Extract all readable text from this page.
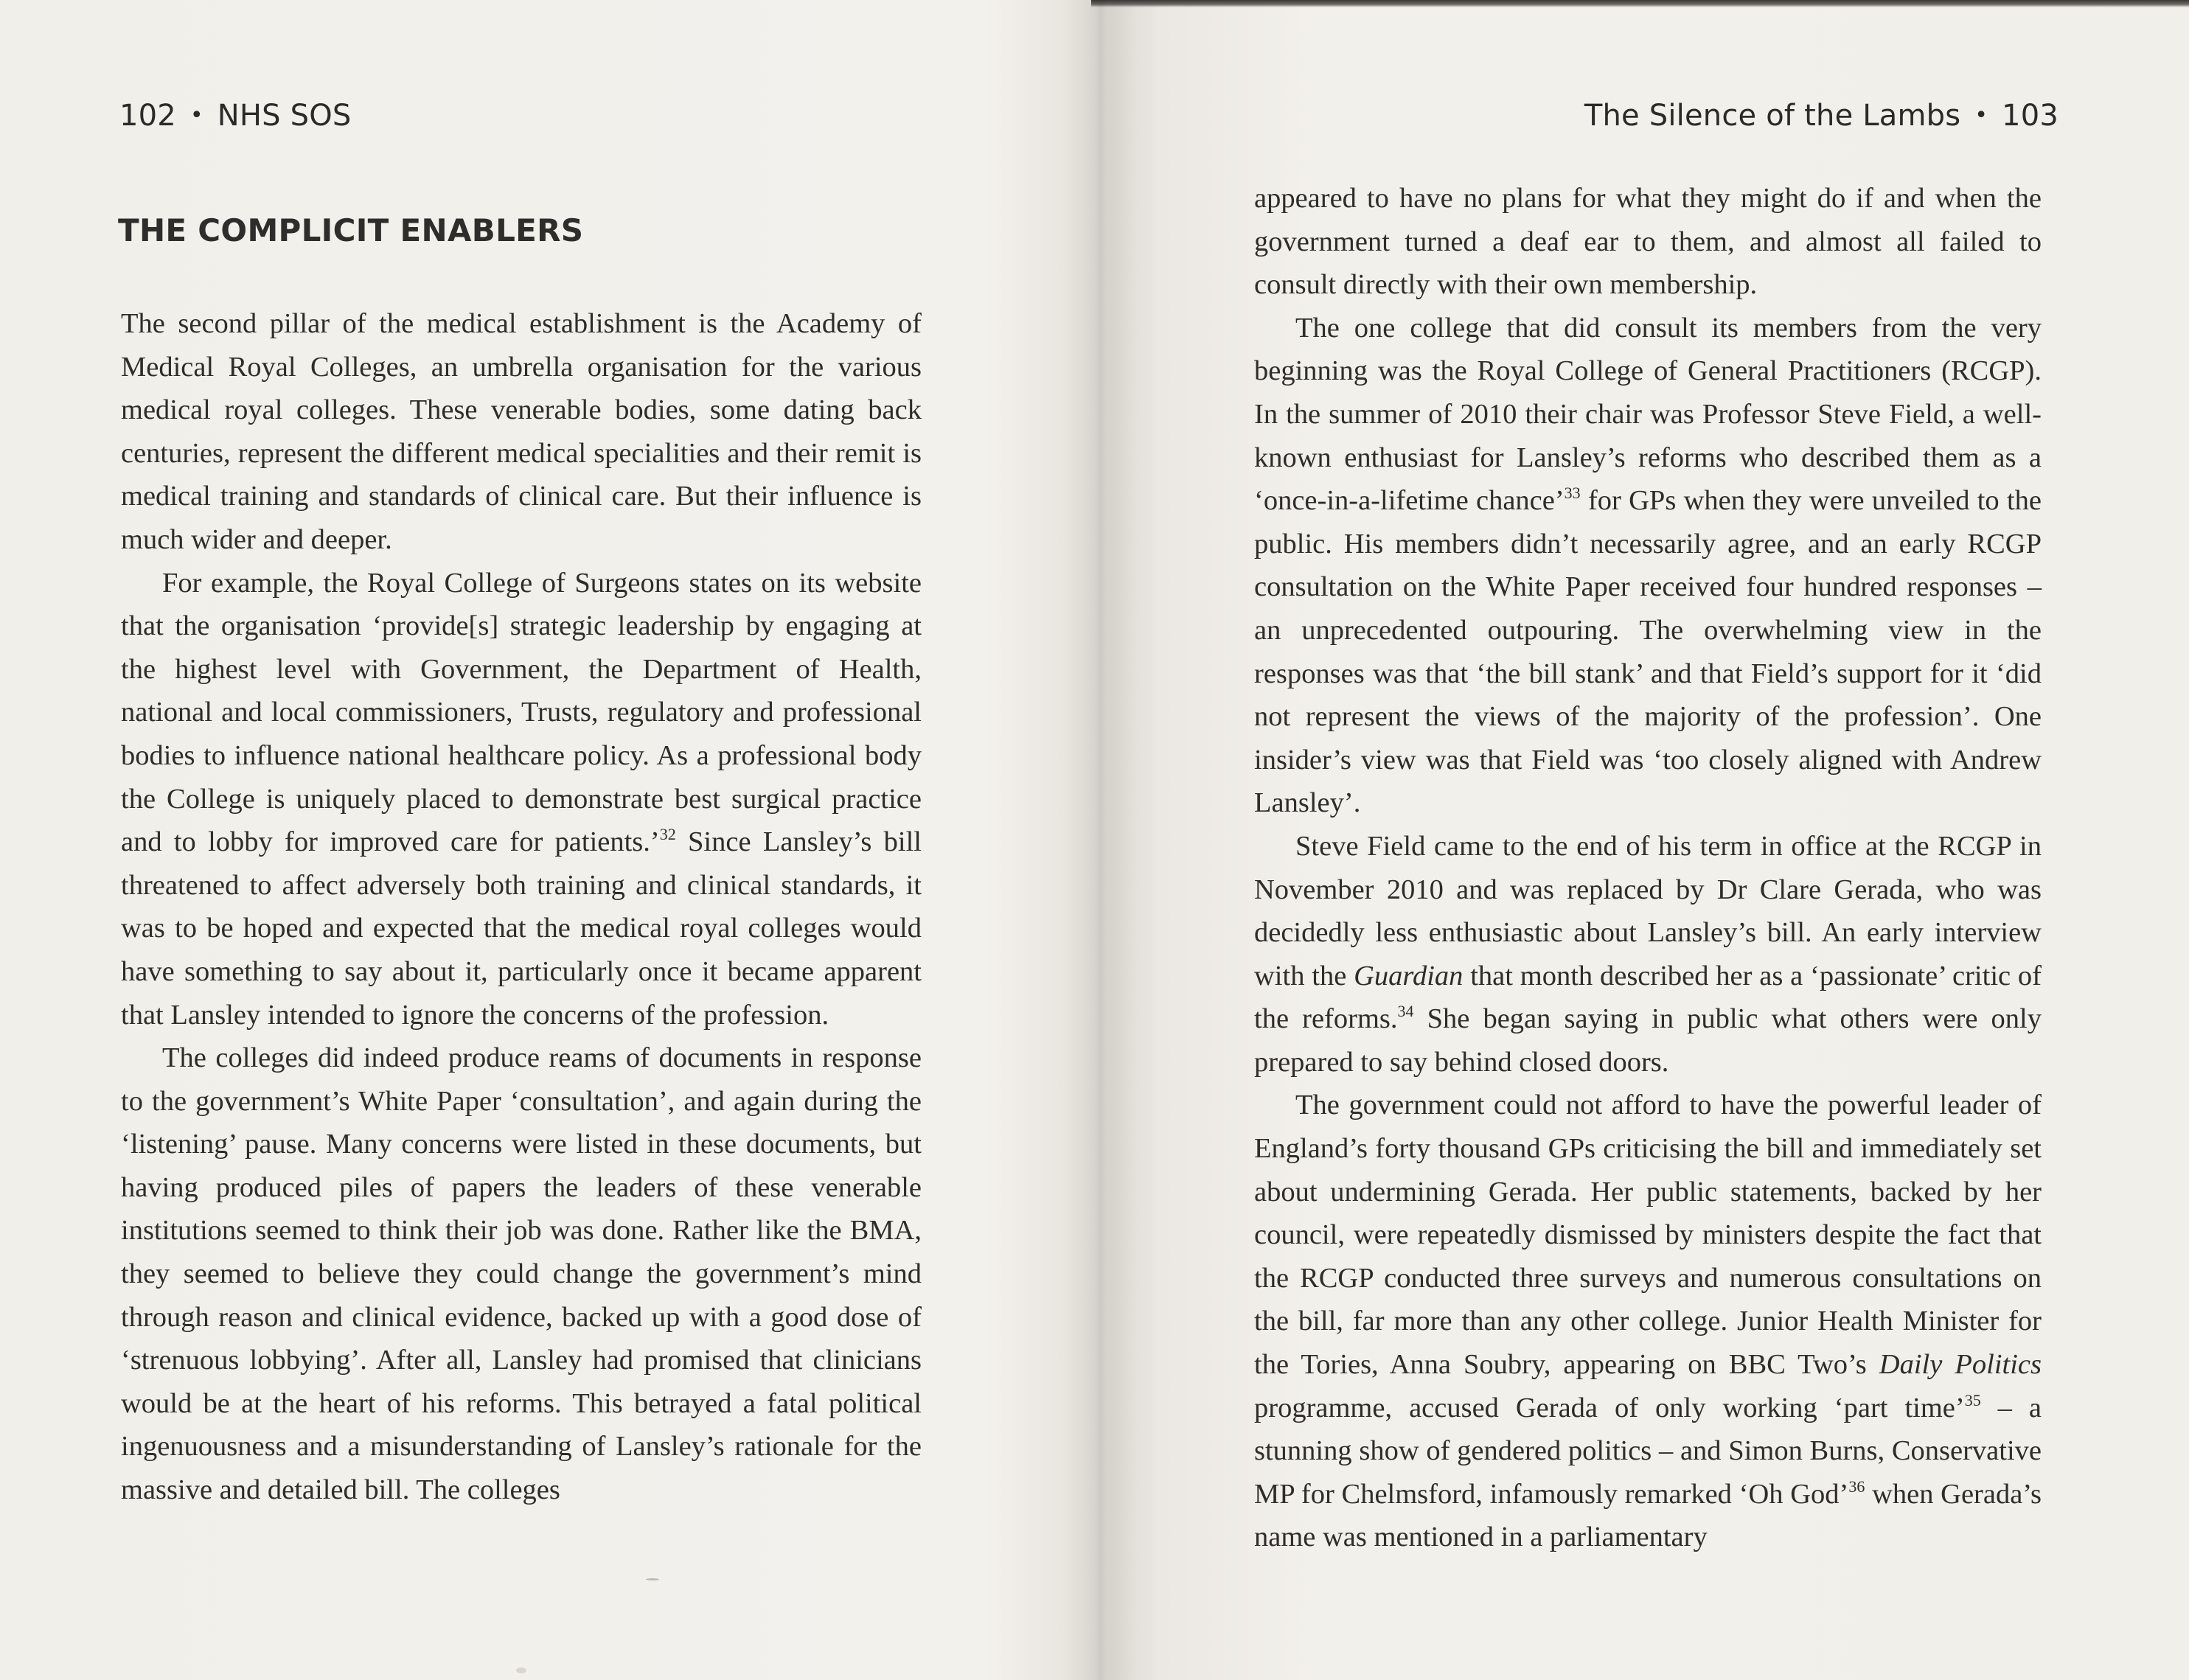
102 • NHS SOS
THE COMPLICIT ENABLERS

The second pillar of the medical establishment is the Academy of Medical Royal Colleges, an umbrella organisation for the various medical royal colleges. These venerable bodies, some dating back centuries, represent the different medical specialities and their remit is medical training and standards of clinical care. But their influence is much wider and deeper.

For example, the Royal College of Surgeons states on its website that the organisation ‘provide[s] strategic leadership by engaging at the highest level with Government, the Department of Health, national and local commissioners, Trusts, regulatory and professional bodies to influence national healthcare policy. As a professional body the College is uniquely placed to demonstrate best surgical practice and to lobby for improved care for patients.’$^{32}$ Since Lansley’s bill threatened to affect adversely both training and clinical standards, it was to be hoped and expected that the medical royal colleges would have something to say about it, particularly once it became apparent that Lansley intended to ignore the concerns of the profession.

The colleges did indeed produce reams of documents in response to the government’s White Paper ‘consultation’, and again during the ‘listening’ pause. Many concerns were listed in these documents, but having produced piles of papers the leaders of these venerable institutions seemed to think their job was done. Rather like the BMA, they seemed to believe they could change the government’s mind through reason and clinical evidence, backed up with a good dose of ‘strenuous lobbying’. After all, Lansley had promised that clinicians would be at the heart of his reforms. This betrayed a fatal political ingenuousness and a misunderstanding of Lansley’s rationale for the massive and detailed bill. The colleges

The Silence of the Lambs • 103

appeared to have no plans for what they might do if and when the government turned a deaf ear to them, and almost all failed to consult directly with their own membership.

The one college that did consult its members from the very beginning was the Royal College of General Practitioners (RCGP). In the summer of 2010 their chair was Professor Steve Field, a well-known enthusiast for Lansley’s reforms who described them as a ‘once-in-a-lifetime chance’$^{33}$ for GPs when they were unveiled to the public. His members didn’t necessarily agree, and an early RCGP consultation on the White Paper received four hundred responses – an unprecedented outpouring. The overwhelming view in the responses was that ‘the bill stank’ and that Field’s support for it ‘did not represent the views of the majority of the profession’. One insider’s view was that Field was ‘too closely aligned with Andrew Lansley’.

Steve Field came to the end of his term in office at the RCGP in November 2010 and was replaced by Dr Clare Gerada, who was decidedly less enthusiastic about Lansley’s bill. An early interview with the Guardian that month described her as a ‘passionate’ critic of the reforms.$^{34}$ She began saying in public what others were only prepared to say behind closed doors.

The government could not afford to have the powerful leader of England’s forty thousand GPs criticising the bill and immediately set about undermining Gerada. Her public statements, backed by her council, were repeatedly dismissed by ministers despite the fact that the RCGP conducted three surveys and numerous consultations on the bill, far more than any other college. Junior Health Minister for the Tories, Anna Soubry, appearing on BBC Two’s Daily Politics programme, accused Gerada of only working ‘part time’$^{35}$ – a stunning show of gendered politics – and Simon Burns, Conservative MP for Chelmsford, infamously remarked ‘Oh God’$^{36}$ when Gerada’s name was mentioned in a parliamentary
